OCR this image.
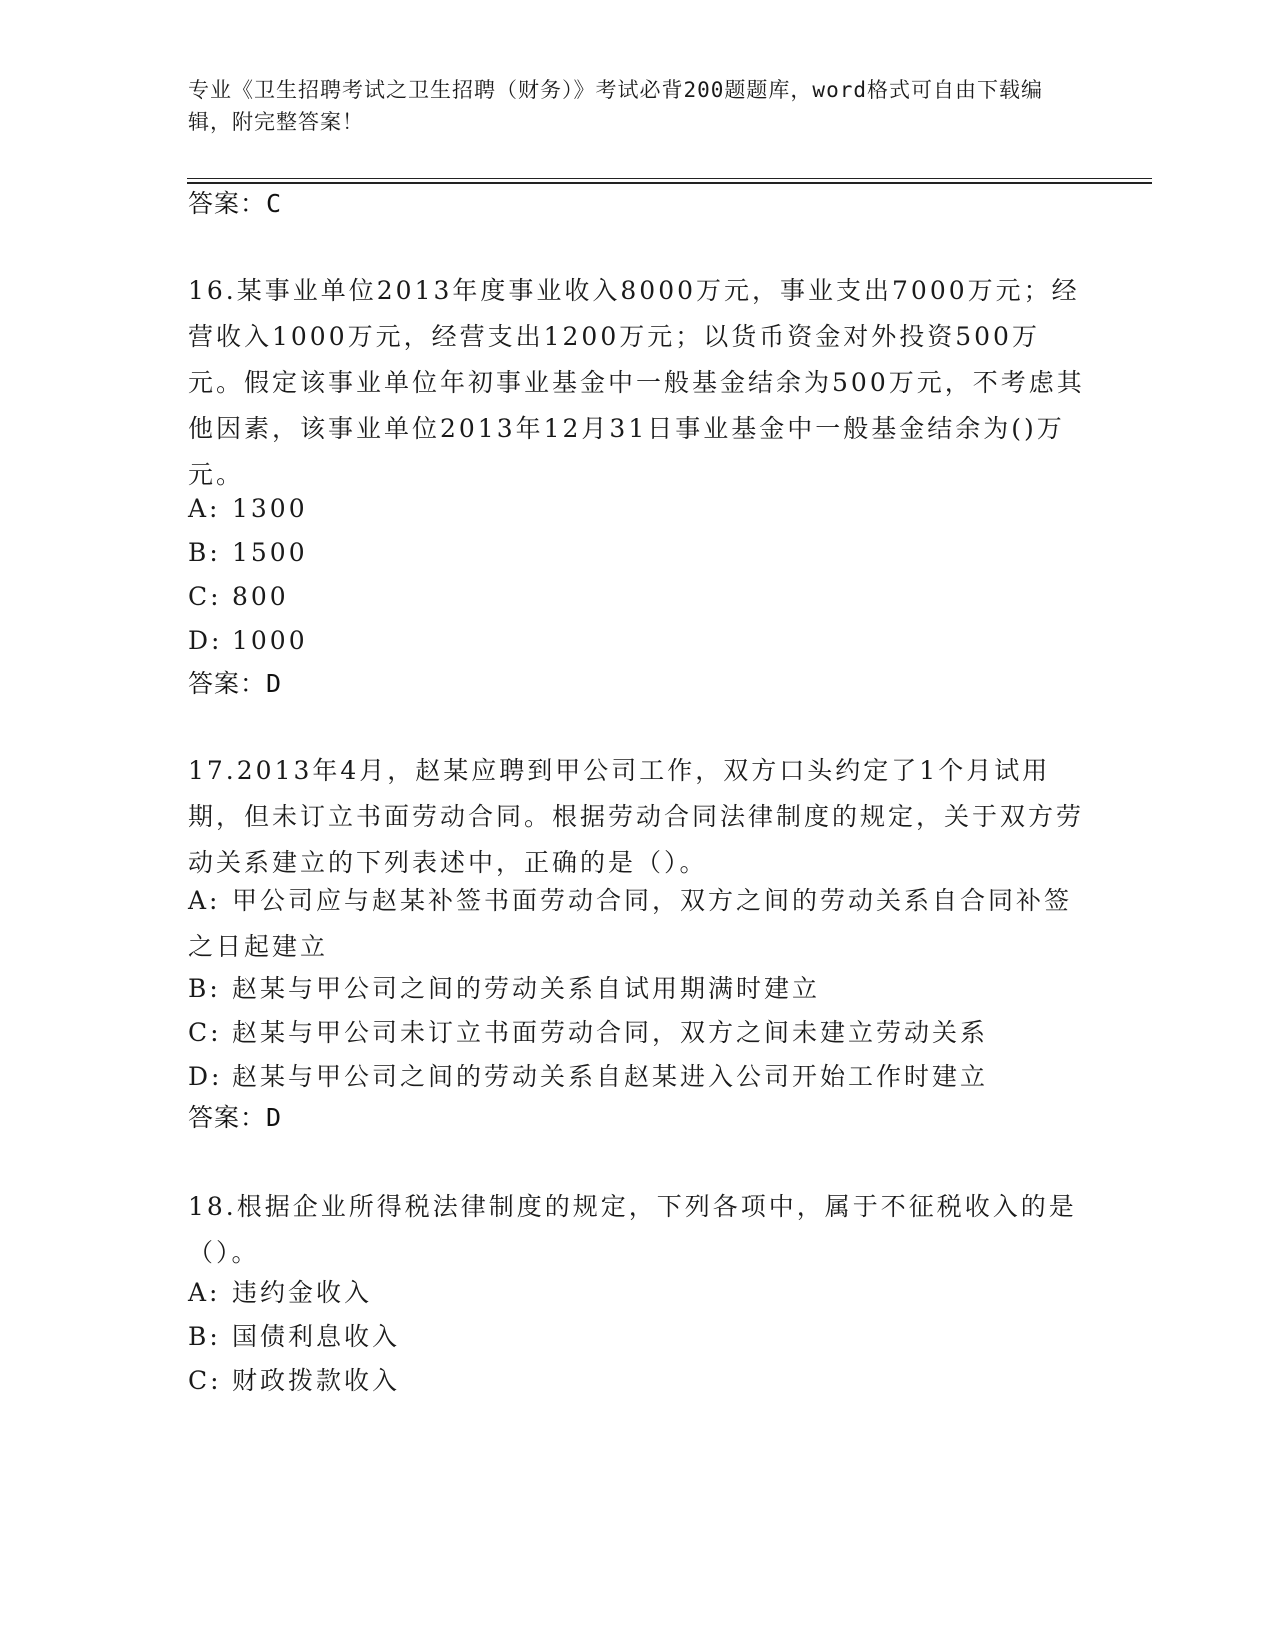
专业《卫生招聘考试之卫生招聘（财务）》考试必背200题题库，word格式可自由下载编辑，附完整答案！
答案：C
16.某事业单位2013年度事业收入8000万元，事业支出7000万元；经营收入1000万元，经营支出1200万元；以货币资金对外投资500万元。假定该事业单位年初事业基金中一般基金结余为500万元，不考虑其他因素，该事业单位2013年12月31日事业基金中一般基金结余为()万元。
A: 1300
B: 1500
C: 800
D: 1000
答案：D
17.2013年4月，赵某应聘到甲公司工作，双方口头约定了1个月试用期，但未订立书面劳动合同。根据劳动合同法律制度的规定，关于双方劳动关系建立的下列表述中，正确的是（）。
A: 甲公司应与赵某补签书面劳动合同，双方之间的劳动关系自合同补签之日起建立
B: 赵某与甲公司之间的劳动关系自试用期满时建立
C: 赵某与甲公司未订立书面劳动合同，双方之间未建立劳动关系
D: 赵某与甲公司之间的劳动关系自赵某进入公司开始工作时建立
答案：D
18.根据企业所得税法律制度的规定，下列各项中，属于不征税收入的是（）。
A: 违约金收入
B: 国债利息收入
C: 财政拨款收入
